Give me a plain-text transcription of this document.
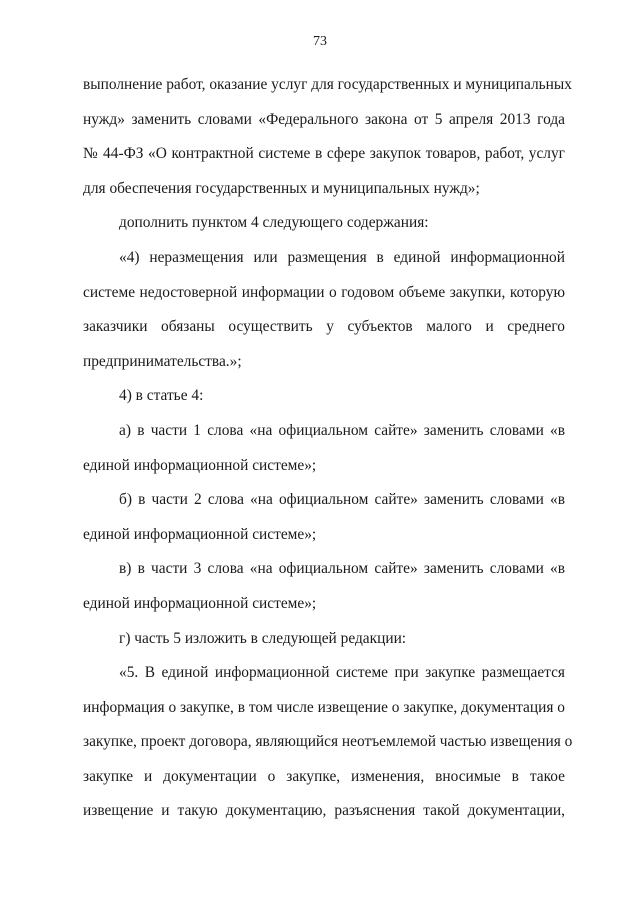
73
выполнение работ, оказание услуг для государственных и муниципальных
нужд» заменить словами «Федерального закона от 5 апреля 2013 года
№ 44-ФЗ «О контрактной системе в сфере закупок товаров, работ, услуг
для обеспечения государственных и муниципальных нужд»;
дополнить пунктом 4 следующего содержания:
«4) неразмещения или размещения в единой информационной
системе недостоверной информации о годовом объеме закупки, которую
заказчики обязаны осуществить у субъектов малого и среднего
предпринимательства.»;
4) в статье 4:
а) в части 1 слова «на официальном сайте» заменить словами «в
единой информационной системе»;
б) в части 2 слова «на официальном сайте» заменить словами «в
единой информационной системе»;
в) в части 3 слова «на официальном сайте» заменить словами «в
единой информационной системе»;
г) часть 5 изложить в следующей редакции:
«5. В единой информационной системе при закупке размещается
информация о закупке, в том числе извещение о закупке, документация о
закупке, проект договора, являющийся неотъемлемой частью извещения о
закупке и документации о закупке, изменения, вносимые в такое
извещение и такую документацию, разъяснения такой документации,
